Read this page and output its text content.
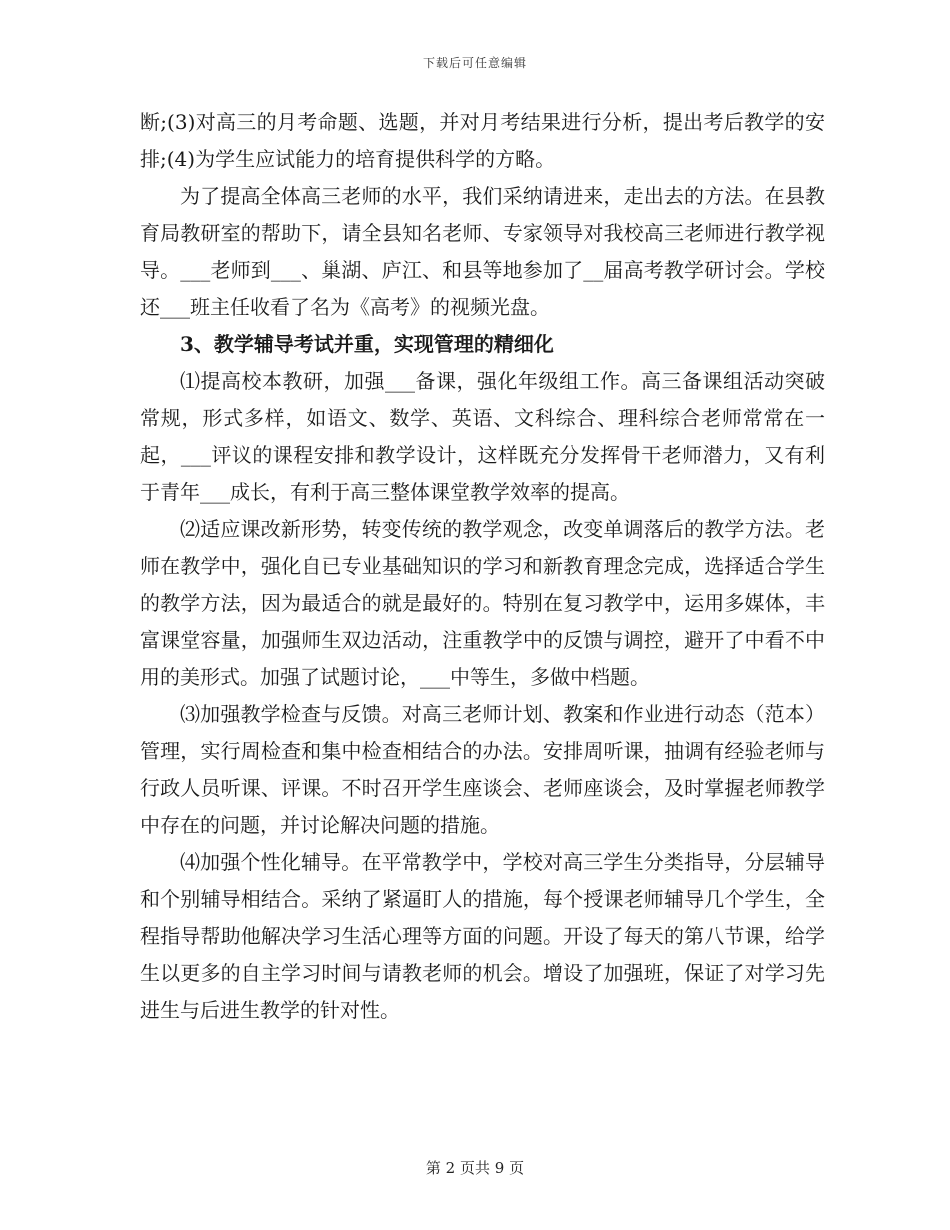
下载后可任意编辑

断;(3)对高三的月考命题、选题，并对月考结果进行分析，提出考后教学的安排;(4)为学生应试能力的培育提供科学的方略。

为了提高全体高三老师的水平，我们采纳请进来，走出去的方法。在县教育局教研室的帮助下，请全县知名老师、专家领导对我校高三老师进行教学视导。___老师到___、巢湖、庐江、和县等地参加了__届高考教学研讨会。学校还___班主任收看了名为《高考》的视频光盘。

3、教学辅导考试并重，实现管理的精细化

⑴提高校本教研，加强___备课，强化年级组工作。高三备课组活动突破常规，形式多样，如语文、数学、英语、文科综合、理科综合老师常常在一起，___评议的课程安排和教学设计，这样既充分发挥骨干老师潜力，又有利于青年___成长，有利于高三整体课堂教学效率的提高。

⑵适应课改新形势，转变传统的教学观念，改变单调落后的教学方法。老师在教学中，强化自已专业基础知识的学习和新教育理念完成，选择适合学生的教学方法，因为最适合的就是最好的。特别在复习教学中，运用多媒体，丰富课堂容量，加强师生双边活动，注重教学中的反馈与调控，避开了中看不中用的美形式。加强了试题讨论，___中等生，多做中档题。

⑶加强教学检查与反馈。对高三老师计划、教案和作业进行动态（范本）管理，实行周检查和集中检查相结合的办法。安排周听课，抽调有经验老师与行政人员听课、评课。不时召开学生座谈会、老师座谈会，及时掌握老师教学中存在的问题，并讨论解决问题的措施。

⑷加强个性化辅导。在平常教学中，学校对高三学生分类指导，分层辅导和个别辅导相结合。采纳了紧逼盯人的措施，每个授课老师辅导几个学生，全程指导帮助他解决学习生活心理等方面的问题。开设了每天的第八节课，给学生以更多的自主学习时间与请教老师的机会。增设了加强班，保证了对学习先进生与后进生教学的针对性。

第 2 页共 9 页
